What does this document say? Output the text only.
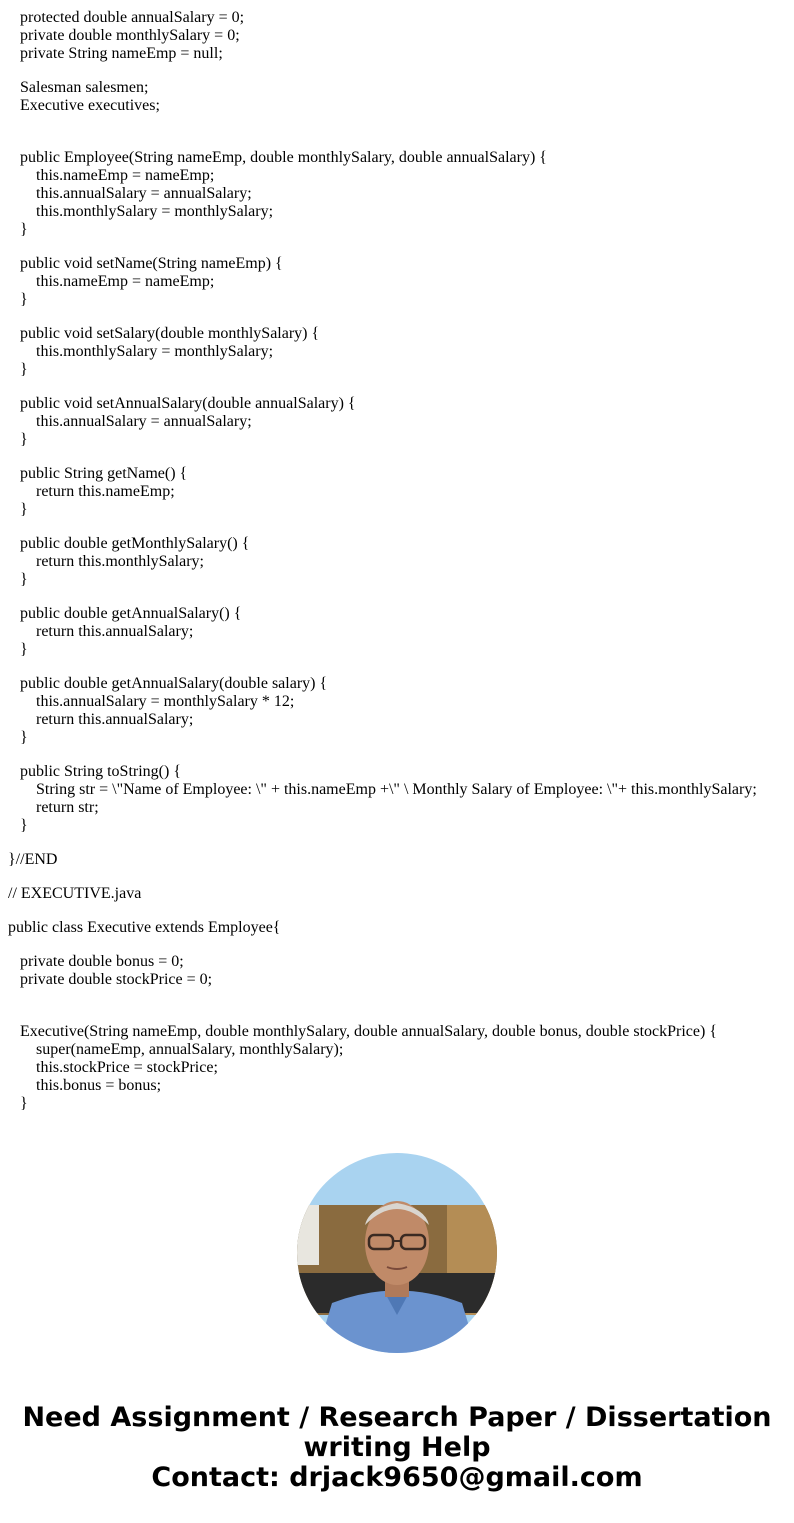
protected double annualSalary = 0;
private double monthlySalary = 0;
private String nameEmp = null;
Salesman salesmen;
Executive executives;
public Employee(String nameEmp, double monthlySalary, double annualSalary) {
this.nameEmp = nameEmp;
this.annualSalary = annualSalary;
this.monthlySalary = monthlySalary;
}
public void setName(String nameEmp) {
this.nameEmp = nameEmp;
}
public void setSalary(double monthlySalary) {
this.monthlySalary = monthlySalary;
}
public void setAnnualSalary(double annualSalary) {
this.annualSalary = annualSalary;
}
public String getName() {
return this.nameEmp;
}
public double getMonthlySalary() {
return this.monthlySalary;
}
public double getAnnualSalary() {
return this.annualSalary;
}
public double getAnnualSalary(double salary) {
this.annualSalary = monthlySalary * 12;
return this.annualSalary;
}
public String toString() {
String str = \"Name of Employee: \" + this.nameEmp +\" \ Monthly Salary of Employee: \"+ this.monthlySalary;
return str;
}
}//END
// EXECUTIVE.java
public class Executive extends Employee{
private double bonus = 0;
private double stockPrice = 0;
Executive(String nameEmp, double monthlySalary, double annualSalary, double bonus, double stockPrice) {
super(nameEmp, annualSalary, monthlySalary);
this.stockPrice = stockPrice;
this.bonus = bonus;
}
Need Assignment / Research Paper / Dissertation
writing Help
Contact: drjack9650@gmail.com
